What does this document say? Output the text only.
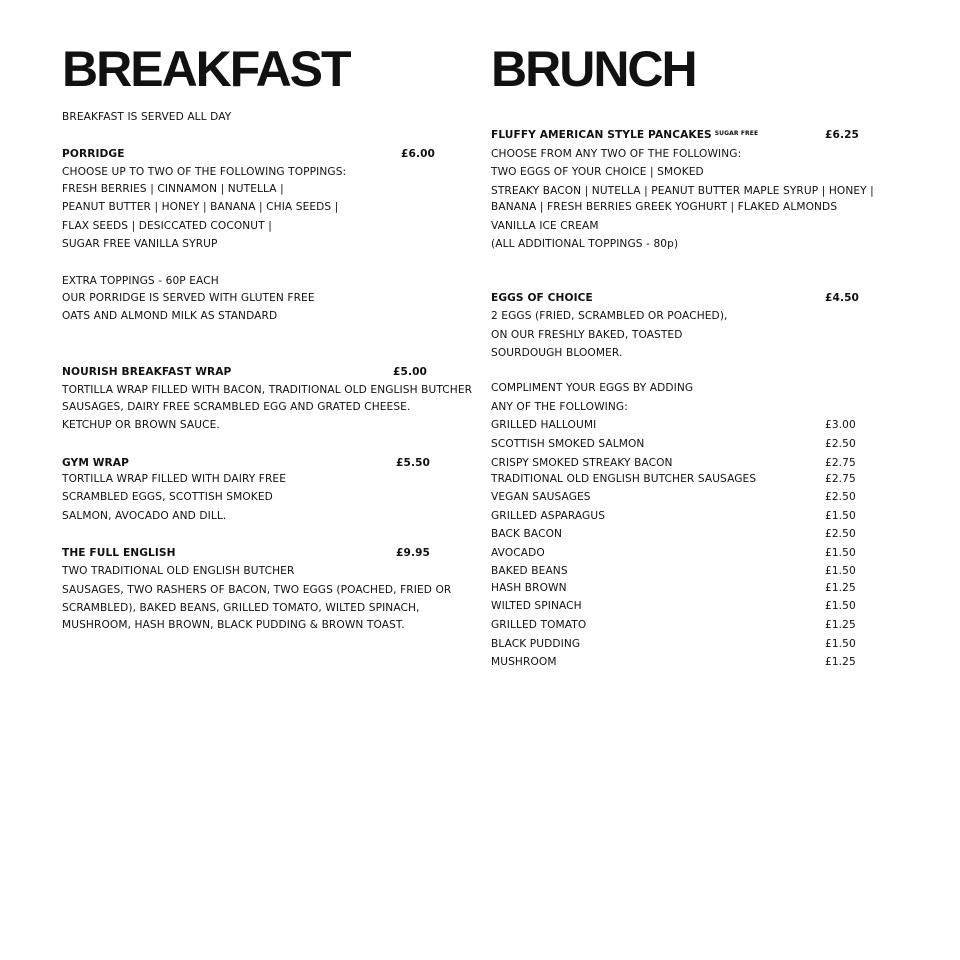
BREAKFAST
BREAKFAST IS SERVED ALL DAY
PORRIDGE	£6.00
CHOOSE UP TO TWO OF THE FOLLOWING TOPPINGS:
FRESH BERRIES | CINNAMON | NUTELLA |
PEANUT BUTTER | HONEY | BANANA | CHIA SEEDS |
FLAX SEEDS | DESICCATED COCONUT |
SUGAR FREE VANILLA SYRUP
EXTRA TOPPINGS - 60P EACH
OUR PORRIDGE IS SERVED WITH GLUTEN FREE
OATS AND ALMOND MILK AS STANDARD
NOURISH BREAKFAST WRAP	£5.00
TORTILLA WRAP FILLED WITH BACON, TRADITIONAL OLD ENGLISH BUTCHER
SAUSAGES, DAIRY FREE SCRAMBLED EGG AND GRATED CHEESE.
KETCHUP OR BROWN SAUCE.
GYM WRAP	£5.50
TORTILLA WRAP FILLED WITH DAIRY FREE
SCRAMBLED EGGS, SCOTTISH SMOKED
SALMON, AVOCADO AND DILL.
THE FULL ENGLISH	£9.95
TWO TRADITIONAL OLD ENGLISH BUTCHER
SAUSAGES, TWO RASHERS OF BACON, TWO EGGS (POACHED, FRIED OR
SCRAMBLED), BAKED BEANS, GRILLED TOMATO, WILTED SPINACH,
MUSHROOM, HASH BROWN, BLACK PUDDING & BROWN TOAST.
BRUNCH
FLUFFY AMERICAN STYLE PANCAKES $^{SUGAR FREE}$	£6.25
CHOOSE FROM ANY TWO OF THE FOLLOWING:
TWO EGGS OF YOUR CHOICE | SMOKED
STREAKY BACON | NUTELLA | PEANUT BUTTER MAPLE SYRUP | HONEY |
BANANA | FRESH BERRIES GREEK YOGHURT | FLAKED ALMONDS
VANILLA ICE CREAM
(ALL ADDITIONAL TOPPINGS - 80p)
EGGS OF CHOICE	£4.50
2 EGGS (FRIED, SCRAMBLED OR POACHED),
ON OUR FRESHLY BAKED, TOASTED
SOURDOUGH BLOOMER.
COMPLIMENT YOUR EGGS BY ADDING
ANY OF THE FOLLOWING:
GRILLED HALLOUMI	£3.00
SCOTTISH SMOKED SALMON	£2.50
CRISPY SMOKED STREAKY BACON	£2.75
TRADITIONAL OLD ENGLISH BUTCHER SAUSAGES	£2.75
VEGAN SAUSAGES	£2.50
GRILLED ASPARAGUS	£1.50
BACK BACON	£2.50
AVOCADO	£1.50
BAKED BEANS	£1.50
HASH BROWN	£1.25
WILTED SPINACH	£1.50
GRILLED TOMATO	£1.25
BLACK PUDDING	£1.50
MUSHROOM	£1.25
